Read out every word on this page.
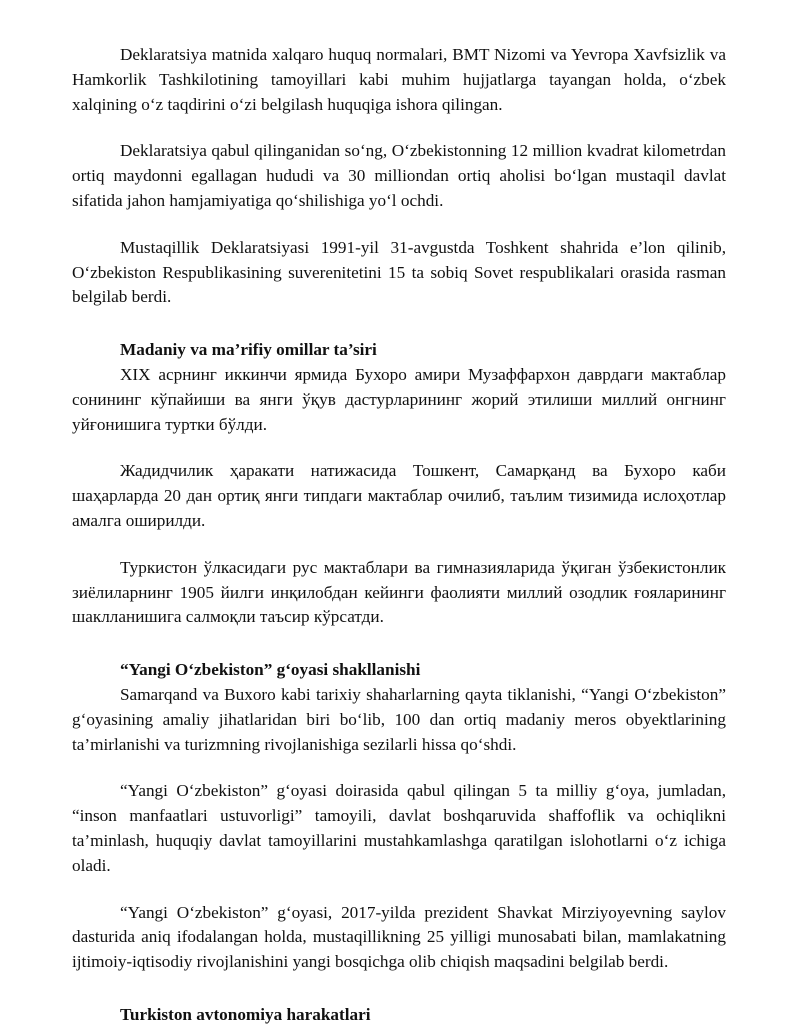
Deklaratsiya matnida xalqaro huquq normalari, BMT Nizomi va Yevropa Xavfsizlik va Hamkorlik Tashkilotining tamoyillari kabi muhim hujjatlarga tayangan holda, o‘zbek xalqining o‘z taqdirini o‘zi belgilash huquqiga ishora qilingan.

Deklaratsiya qabul qilinganidan so‘ng, O‘zbekistonning 12 million kvadrat kilometrdan ortiq maydonni egallagan hududi va 30 milliondan ortiq aholisi bo‘lgan mustaqil davlat sifatida jahon hamjamiyatiga qo‘shilishiga yo‘l ochdi.

Mustaqillik Deklaratsiyasi 1991-yil 31-avgustda Toshkent shahrida e’lon qilinib, O‘zbekiston Respublikasining suverenitetini 15 ta sobiq Sovet respublikalari orasida rasman belgilab berdi.

Madaniy va ma’rifiy omillar ta’siri

XIX асрнинг иккинчи ярмида Бухоро амири Музаффархон даврдаги мактаблар сонининг кўпайиши ва янги ўқув дастурларининг жорий этилиши миллий онгнинг уйғонишига туртки бўлди.

Жадидчилик ҳаракати натижасида Тошкент, Самарқанд ва Бухоро каби шаҳарларда 20 дан ортиқ янги типдаги мактаблар очилиб, таълим тизимида ислоҳотлар амалга оширилди.

Туркистон ўлкасидаги рус мактаблари ва гимназияларида ўқиган ўзбекистонлик зиёлиларнинг 1905 йилги инқилобдан кейинги фаолияти миллий озодлик ғояларининг шаклланишига салмоқли таъсир кўрсатди.

“Yangi O‘zbekiston” g‘oyasi shakllanishi

Samarqand va Buxoro kabi tarixiy shaharlarning qayta tiklanishi, “Yangi O‘zbekiston” g‘oyasining amaliy jihatlaridan biri bo‘lib, 100 dan ortiq madaniy meros obyektlarining ta’mirlanishi va turizmning rivojlanishiga sezilarli hissa qo‘shdi.

“Yangi O‘zbekiston” g‘oyasi doirasida qabul qilingan 5 ta milliy g‘oya, jumladan, “inson manfaatlari ustuvorligi” tamoyili, davlat boshqaruvida shaffoflik va ochiqlikni ta’minlash, huquqiy davlat tamoyillarini mustahkamlashga qaratilgan islohotlarni o‘z ichiga oladi.

“Yangi O‘zbekiston” g‘oyasi, 2017-yilda prezident Shavkat Mirziyoyevning saylov dasturida aniq ifodalangan holda, mustaqillikning 25 yilligi munosabati bilan, mamlakatning ijtimoiy-iqtisodiy rivojlanishini yangi bosqichga olib chiqish maqsadini belgilab berdi.

Turkiston avtonomiya harakatlari
